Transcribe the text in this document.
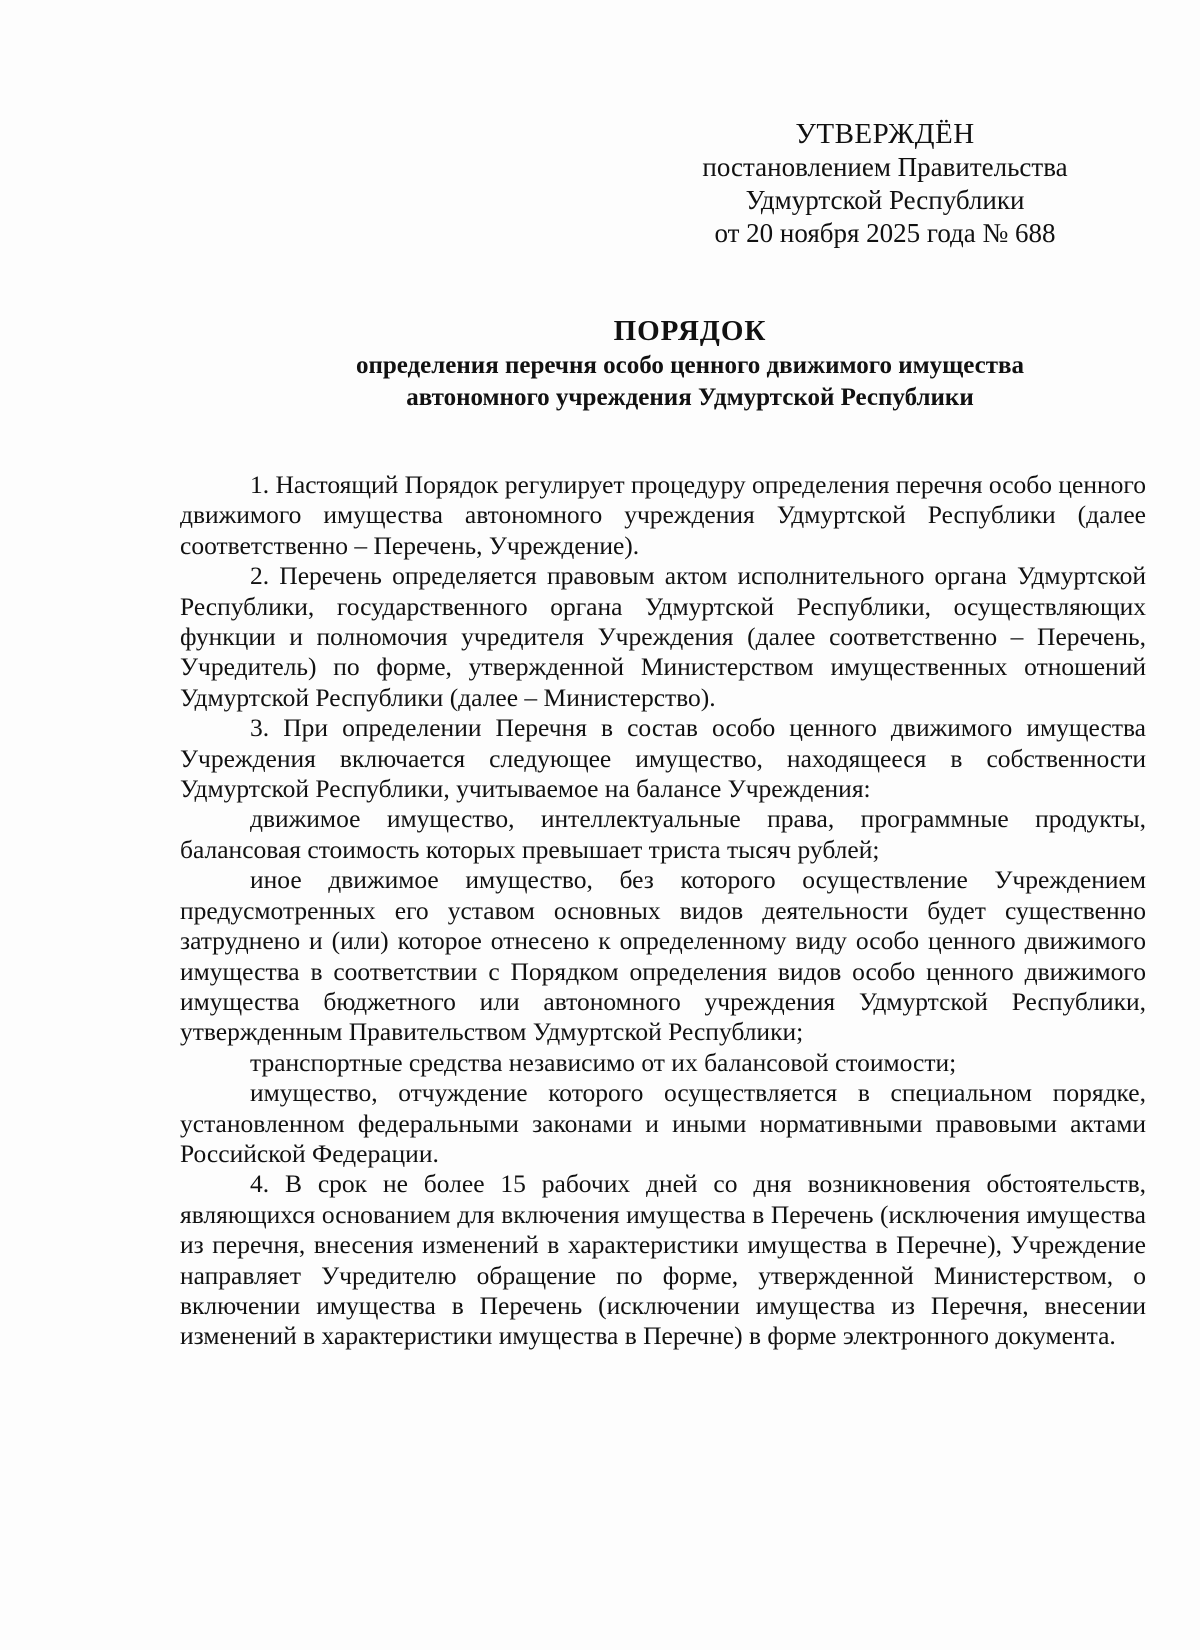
УТВЕРЖДЁН
постановлением Правительства
Удмуртской Республики
от 20 ноября 2025 года № 688
ПОРЯДОК
определения перечня особо ценного движимого имущества
автономного учреждения Удмуртской Республики

1. Настоящий Порядок регулирует процедуру определения перечня особо ценного движимого имущества автономного учреждения Удмуртской Республики (далее соответственно – Перечень, Учреждение).

2. Перечень определяется правовым актом исполнительного органа Удмуртской Республики, государственного органа Удмуртской Республики, осуществляющих функции и полномочия учредителя Учреждения (далее соответственно – Перечень, Учредитель) по форме, утвержденной Министерством имущественных отношений Удмуртской Республики (далее – Министерство).

3. При определении Перечня в состав особо ценного движимого имущества Учреждения включается следующее имущество, находящееся в собственности Удмуртской Республики, учитываемое на балансе Учреждения:

движимое имущество, интеллектуальные права, программные продукты, балансовая стоимость которых превышает триста тысяч рублей;

иное движимое имущество, без которого осуществление Учреждением предусмотренных его уставом основных видов деятельности будет существенно затруднено и (или) которое отнесено к определенному виду особо ценного движимого имущества в соответствии с Порядком определения видов особо ценного движимого имущества бюджетного или автономного учреждения Удмуртской Республики, утвержденным Правительством Удмуртской Республики;

транспортные средства независимо от их балансовой стоимости;

имущество, отчуждение которого осуществляется в специальном порядке, установленном федеральными законами и иными нормативными правовыми актами Российской Федерации.

4. В срок не более 15 рабочих дней со дня возникновения обстоятельств, являющихся основанием для включения имущества в Перечень (исключения имущества из перечня, внесения изменений в характеристики имущества в Перечне), Учреждение направляет Учредителю обращение по форме, утвержденной Министерством, о включении имущества в Перечень (исключении имущества из Перечня, внесении изменений в характеристики имущества в Перечне) в форме электронного документа.
